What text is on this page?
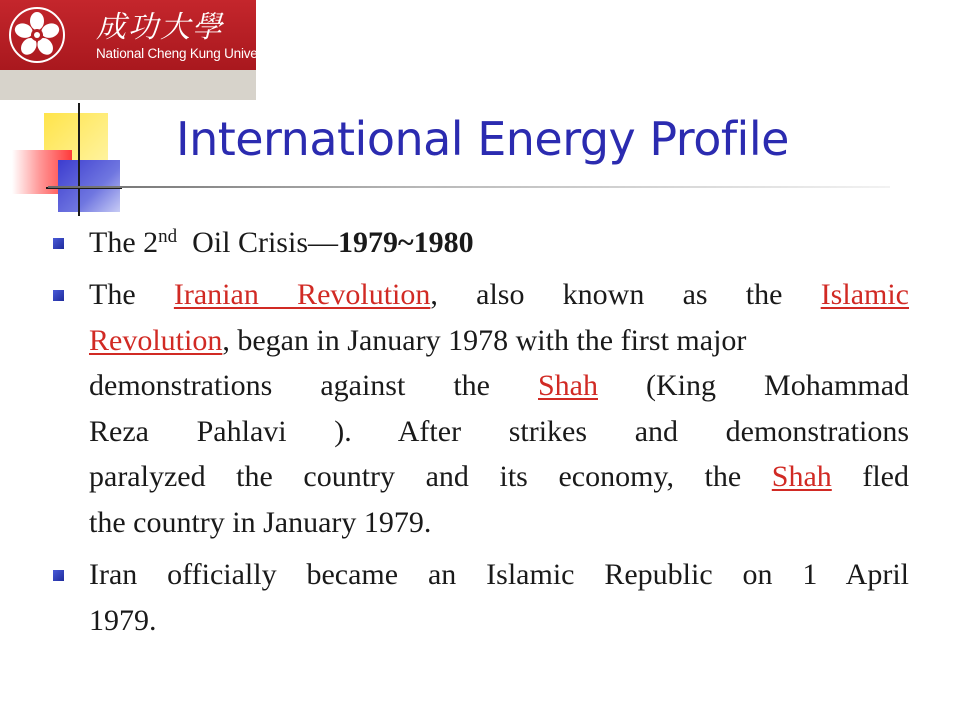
成功大學
National Cheng Kung University
International Energy Profile
The 2nd  Oil Crisis—1979~1980
The Iranian Revolution, also known as the Islamic
Revolution, began in January 1978 with the first major
demonstrations against the Shah (King Mohammad
Reza Pahlavi ). After strikes and demonstrations
paralyzed the country and its economy, the Shah fled
the country in January 1979.
Iran officially became an Islamic Republic on 1 April
1979.
